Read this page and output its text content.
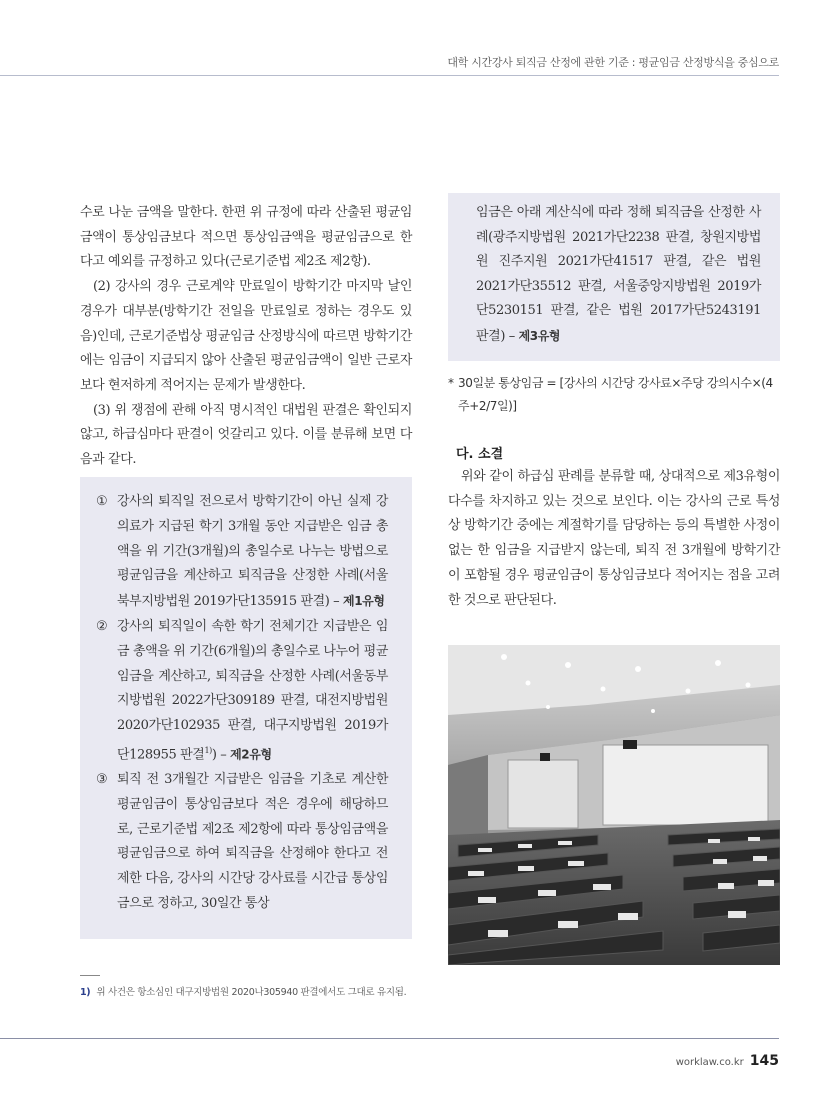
대학 시간강사 퇴직금 산정에 관한 기준 : 평균임금 산정방식을 중심으로

수로 나눈 금액을 말한다. 한편 위 규정에 따라 산출된 평균임금액이 통상임금보다 적으면 통상임금액을 평균임금으로 한다고 예외를 규정하고 있다(근로기준법 제2조 제2항).

(2) 강사의 경우 근로계약 만료일이 방학기간 마지막 날인 경우가 대부분(방학기간 전일을 만료일로 정하는 경우도 있음)인데, 근로기준법상 평균임금 산정방식에 따르면 방학기간에는 임금이 지급되지 않아 산출된 평균임금액이 일반 근로자보다 현저하게 적어지는 문제가 발생한다.

(3) 위 쟁점에 관해 아직 명시적인 대법원 판결은 확인되지 않고, 하급심마다 판결이 엇갈리고 있다. 이를 분류해 보면 다음과 같다.

① 강사의 퇴직일 전으로서 방학기간이 아닌 실제 강의료가 지급된 학기 3개월 동안 지급받은 임금 총액을 위 기간(3개월)의 총일수로 나누는 방법으로 평균임금을 계산하고 퇴직금을 산정한 사례(서울북부지방법원 2019가단135915 판결) – 제1유형
② 강사의 퇴직일이 속한 학기 전체기간 지급받은 임금 총액을 위 기간(6개월)의 총일수로 나누어 평균임금을 계산하고, 퇴직금을 산정한 사례(서울동부지방법원 2022가단309189 판결, 대전지방법원 2020가단102935 판결, 대구지방법원 2019가단128955 판결$^{1)}$) – 제2유형
③ 퇴직 전 3개월간 지급받은 임금을 기초로 계산한 평균임금이 통상임금보다 적은 경우에 해당하므로, 근로기준법 제2조 제2항에 따라 통상임금액을 평균임금으로 하여 퇴직금을 산정해야 한다고 전제한 다음, 강사의 시간당 강사료를 시간급 통상임금으로 정하고, 30일간 통상

임금은 아래 계산식에 따라 정해 퇴직금을 산정한 사례(광주지방법원 2021가단2238 판결, 창원지방법원 진주지원 2021가단41517 판결, 같은 법원 2021가단35512 판결, 서울중앙지방법원 2019가단5230151 판결, 같은 법원 2017가단5243191 판결) – 제3유형

* 30일분 통상임금 = [강사의 시간당 강사료×주당 강의시수×(4주+2/7일)]
다. 소결

위와 같이 하급심 판례를 분류할 때, 상대적으로 제3유형이 다수를 차지하고 있는 것으로 보인다. 이는 강사의 근로 특성상 방학기간 중에는 계절학기를 담당하는 등의 특별한 사정이 없는 한 임금을 지급받지 않는데, 퇴직 전 3개월에 방학기간이 포함될 경우 평균임금이 통상임금보다 적어지는 점을 고려한 것으로 판단된다.

1) 위 사건은 항소심인 대구지방법원 2020나305940 판결에서도 그대로 유지됨.
worklaw.co.kr 145
